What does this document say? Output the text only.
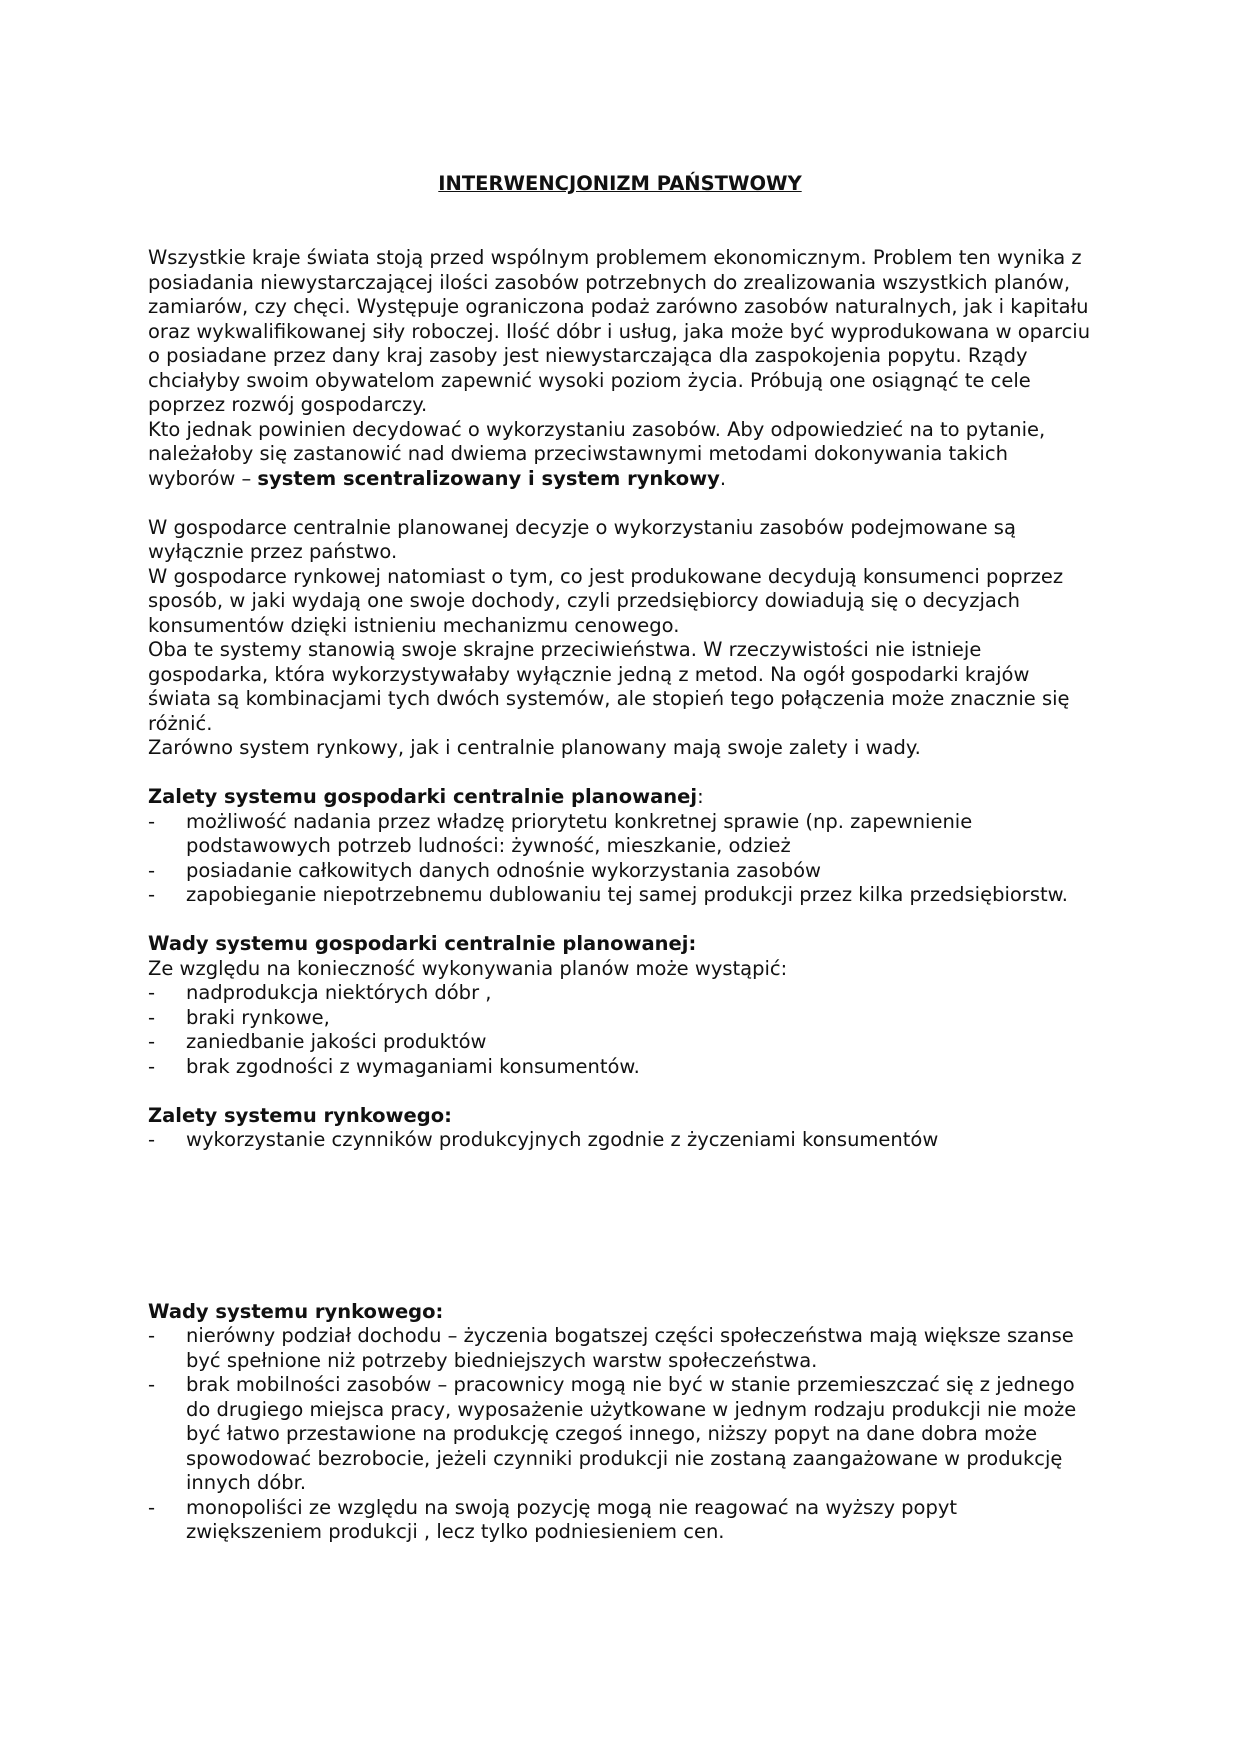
INTERWENCJONIZM PAŃSTWOWY

Wszystkie kraje świata stoją przed wspólnym problemem ekonomicznym. Problem ten wynika z posiadania niewystarczającej ilości zasobów potrzebnych do zrealizowania wszystkich planów, zamiarów, czy chęci. Występuje ograniczona podaż zarówno zasobów naturalnych, jak i kapitału oraz wykwalifikowanej siły roboczej. Ilość dóbr i usług, jaka może być wyprodukowana w oparciu o posiadane przez dany kraj zasoby jest niewystarczająca dla zaspokojenia popytu. Rządy chciałyby swoim obywatelom zapewnić wysoki poziom życia. Próbują one osiągnąć te cele poprzez rozwój gospodarczy.

Kto jednak powinien decydować o wykorzystaniu zasobów. Aby odpowiedzieć na to pytanie, należałoby się zastanowić nad dwiema przeciwstawnymi metodami dokonywania takich wyborów – system scentralizowany i system rynkowy.

W gospodarce centralnie planowanej decyzje o wykorzystaniu zasobów podejmowane są wyłącznie przez państwo.

W gospodarce rynkowej natomiast o tym, co jest produkowane decydują konsumenci poprzez sposób, w jaki wydają one swoje dochody, czyli przedsiębiorcy dowiadują się o decyzjach konsumentów dzięki istnieniu mechanizmu cenowego.

Oba te systemy stanowią swoje skrajne przeciwieństwa. W rzeczywistości nie istnieje gospodarka, która wykorzystywałaby wyłącznie jedną z metod. Na ogół gospodarki krajów świata są kombinacjami tych dwóch systemów, ale stopień tego połączenia może znacznie się różnić.

Zarówno system rynkowy, jak i centralnie planowany mają swoje zalety i wady.

Zalety systemu gospodarki centralnie planowanej:

- możliwość nadania przez władzę priorytetu konkretnej sprawie (np. zapewnienie podstawowych potrzeb ludności: żywność, mieszkanie, odzież
- posiadanie całkowitych danych odnośnie wykorzystania zasobów
- zapobieganie niepotrzebnemu dublowaniu tej samej produkcji przez kilka przedsiębiorstw.

Wady systemu gospodarki centralnie planowanej:

Ze względu na konieczność wykonywania planów może wystąpić:

- nadprodukcja niektórych dóbr ,
- braki rynkowe,
- zaniedbanie jakości produktów
- brak zgodności z wymaganiami konsumentów.

Zalety systemu rynkowego:

- wykorzystanie czynników produkcyjnych zgodnie z życzeniami konsumentów

Wady systemu rynkowego:

- nierówny podział dochodu – życzenia bogatszej części społeczeństwa mają większe szanse być spełnione niż potrzeby biedniejszych warstw społeczeństwa.
- brak mobilności zasobów – pracownicy mogą nie być w stanie przemieszczać się z jednego do drugiego miejsca pracy, wyposażenie użytkowane w jednym rodzaju produkcji nie może być łatwo przestawione na produkcję czegoś innego, niższy popyt na dane dobra może spowodować bezrobocie, jeżeli czynniki produkcji nie zostaną zaangażowane w produkcję innych dóbr.
- monopoliści ze względu na swoją pozycję mogą nie reagować na wyższy popyt zwiększeniem produkcji , lecz tylko podniesieniem cen.
